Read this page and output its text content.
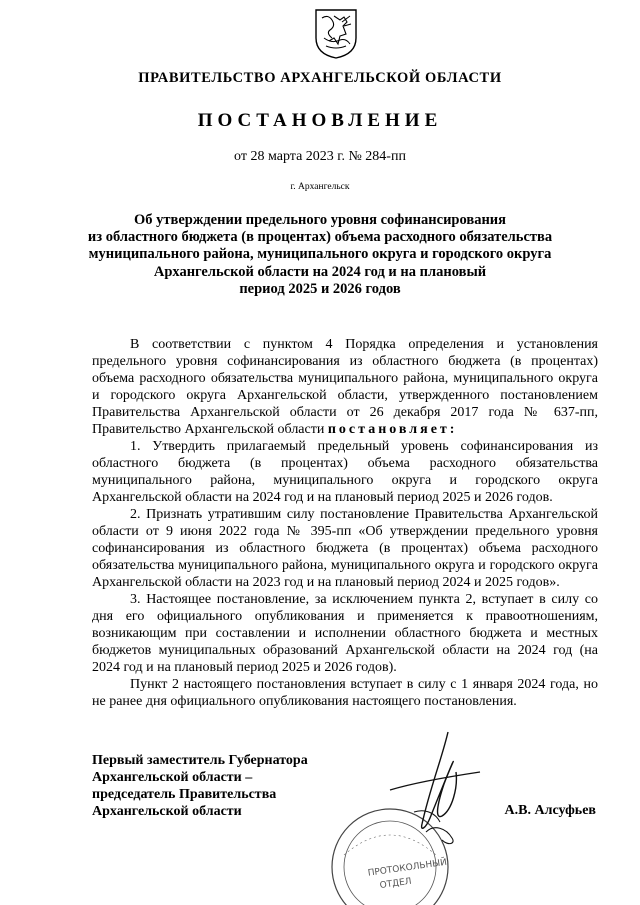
ПРАВИТЕЛЬСТВО АРХАНГЕЛЬСКОЙ ОБЛАСТИ
ПОСТАНОВЛЕНИЕ
от 28 марта 2023 г. № 284-пп
г. Архангельск
Об утверждении предельного уровня софинансирования
из областного бюджета (в процентах) объема расходного обязательства
муниципального района, муниципального округа и городского округа
Архангельской области на 2024 год и на плановый
период 2025 и 2026 годов

В соответствии с пунктом 4 Порядка определения и установления предельного уровня софинансирования из областного бюджета (в процентах) объема расходного обязательства муниципального района, муниципального округа и городского округа Архангельской области, утвержденного постановлением Правительства Архангельской области от 26 декабря 2017 года № 637-пп, Правительство Архангельской области постановляет:

1. Утвердить прилагаемый предельный уровень софинансирования из областного бюджета (в процентах) объема расходного обязательства муниципального района, муниципального округа и городского округа Архангельской области на 2024 год и на плановый период 2025 и 2026 годов.

2. Признать утратившим силу постановление Правительства Архангельской области от 9 июня 2022 года № 395-пп «Об утверждении предельного уровня софинансирования из областного бюджета (в процентах) объема расходного обязательства муниципального района, муниципального округа и городского округа Архангельской области на 2023 год и на плановый период 2024 и 2025 годов».

3. Настоящее постановление, за исключением пункта 2, вступает в силу со дня его официального опубликования и применяется к правоотношениям, возникающим при составлении и исполнении областного бюджета и местных бюджетов муниципальных образований Архангельской области на 2024 год (на 2024 год и на плановый период 2025 и 2026 годов).

Пункт 2 настоящего постановления вступает в силу с 1 января 2024 года, но не ранее дня официального опубликования настоящего постановления.

Первый заместитель Губернатора
Архангельской области –
председатель Правительства
Архангельской области	А.В. Алсуфьев
ПРОТОКОЛЬНЫЙ
ОТДЕЛ
